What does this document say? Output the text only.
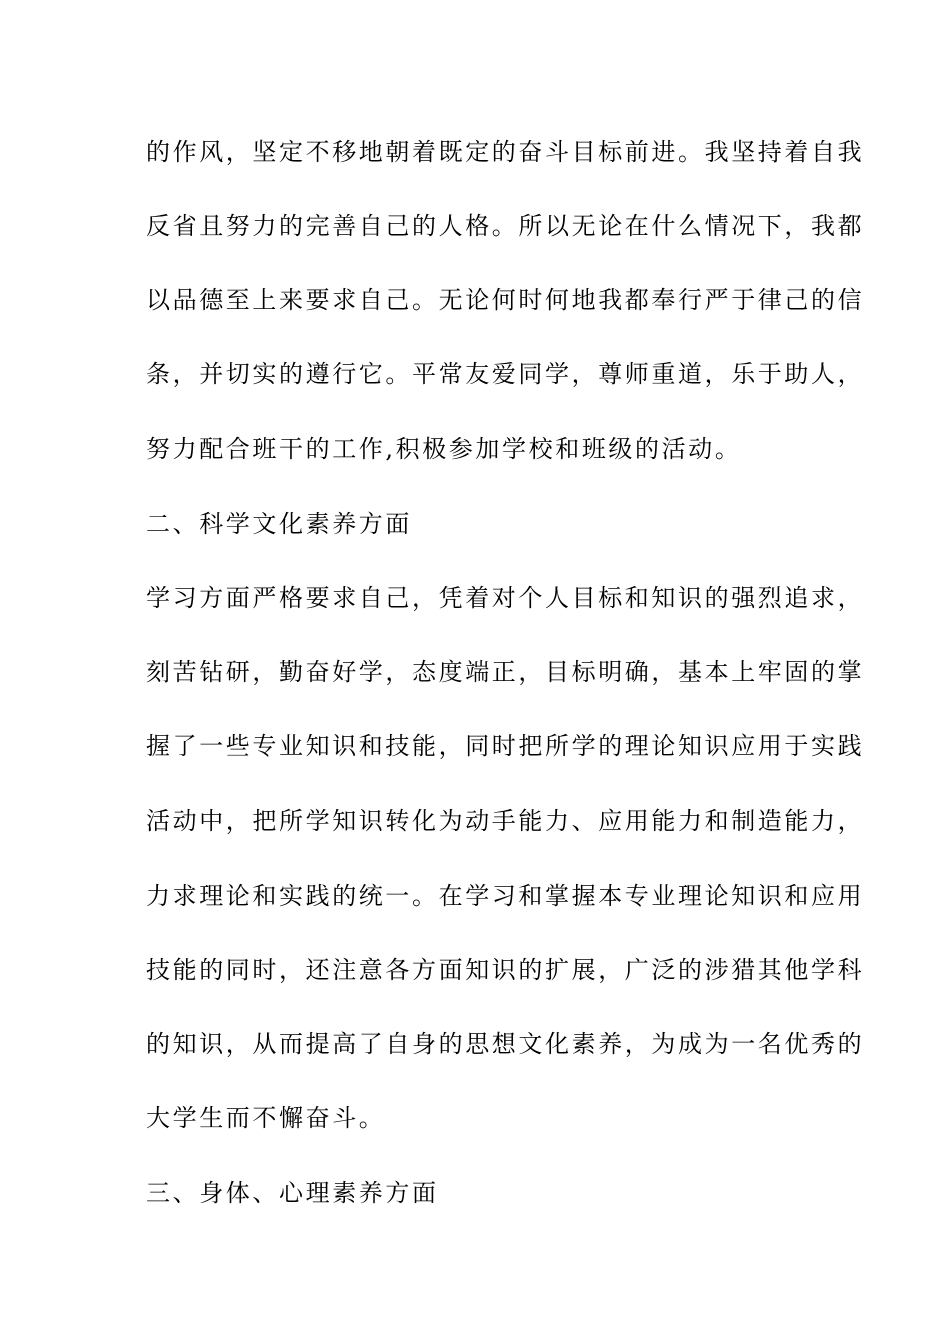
的作风，坚定不移地朝着既定的奋斗目标前进。我坚持着自我
反省且努力的完善自己的人格。所以无论在什么情况下，我都
以品德至上来要求自己。无论何时何地我都奉行严于律己的信
条，并切实的遵行它。平常友爱同学，尊师重道，乐于助人，
努力配合班干的工作,积极参加学校和班级的活动。
二、科学文化素养方面
学习方面严格要求自己，凭着对个人目标和知识的强烈追求，
刻苦钻研，勤奋好学，态度端正，目标明确，基本上牢固的掌
握了一些专业知识和技能，同时把所学的理论知识应用于实践
活动中，把所学知识转化为动手能力、应用能力和制造能力，
力求理论和实践的统一。在学习和掌握本专业理论知识和应用
技能的同时，还注意各方面知识的扩展，广泛的涉猎其他学科
的知识，从而提高了自身的思想文化素养，为成为一名优秀的
大学生而不懈奋斗。
三、身体、心理素养方面
